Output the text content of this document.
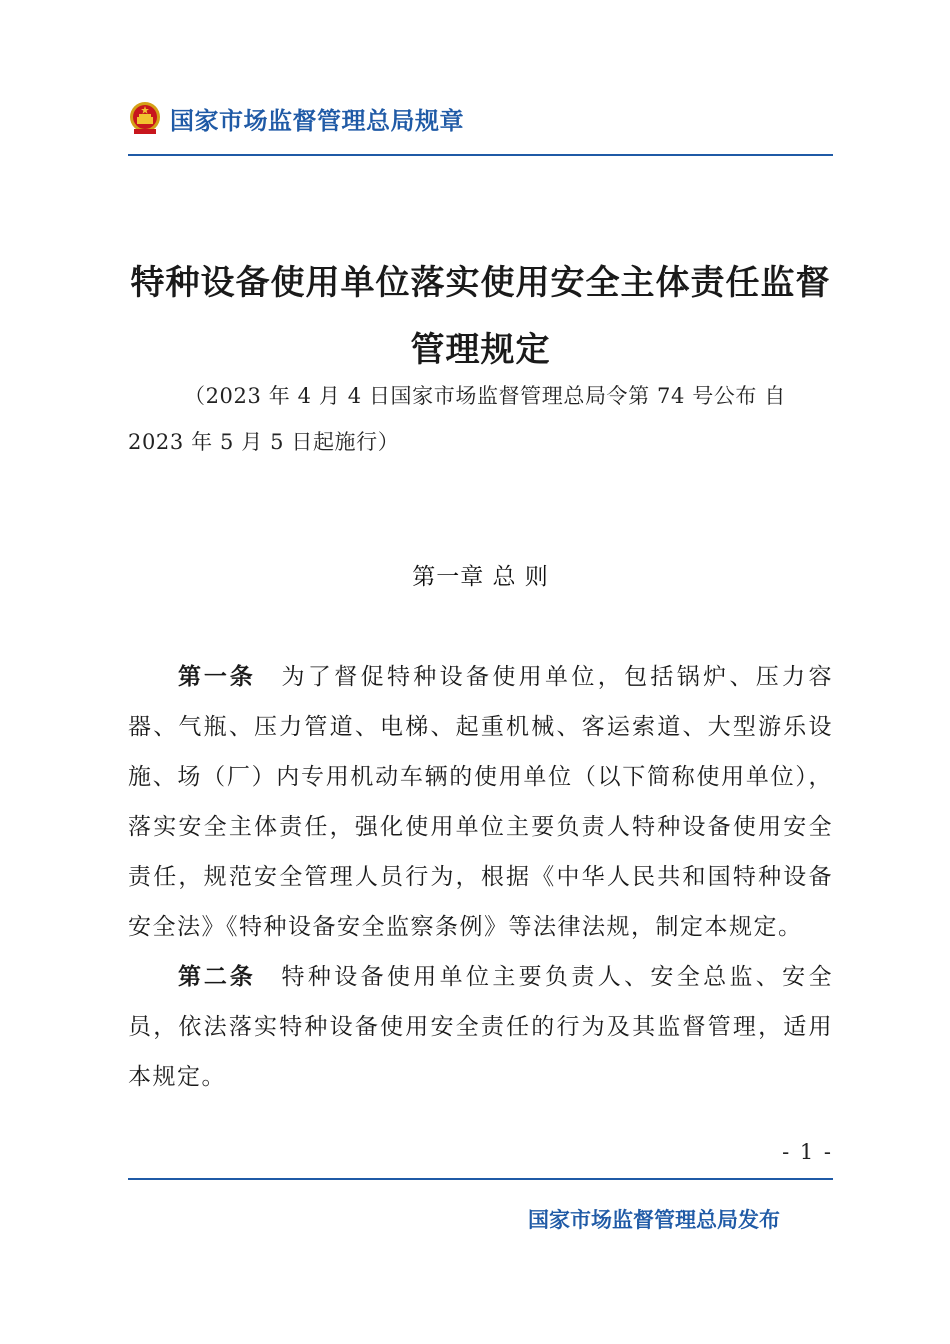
国家市场监督管理总局规章
特种设备使用单位落实使用安全主体责任监督
管理规定
（2023 年 4 月 4 日国家市场监督管理总局令第 74 号公布 自 2023 年 5 月 5 日起施行）
第一章 总 则
第一条 为了督促特种设备使用单位，包括锅炉、压力容器、气瓶、压力管道、电梯、起重机械、客运索道、大型游乐设施、场（厂）内专用机动车辆的使用单位（以下简称使用单位），落实安全主体责任，强化使用单位主要负责人特种设备使用安全责任，规范安全管理人员行为，根据《中华人民共和国特种设备安全法》《特种设备安全监察条例》等法律法规，制定本规定。
第二条 特种设备使用单位主要负责人、安全总监、安全员，依法落实特种设备使用安全责任的行为及其监督管理，适用本规定。
- 1 -
国家市场监督管理总局发布
